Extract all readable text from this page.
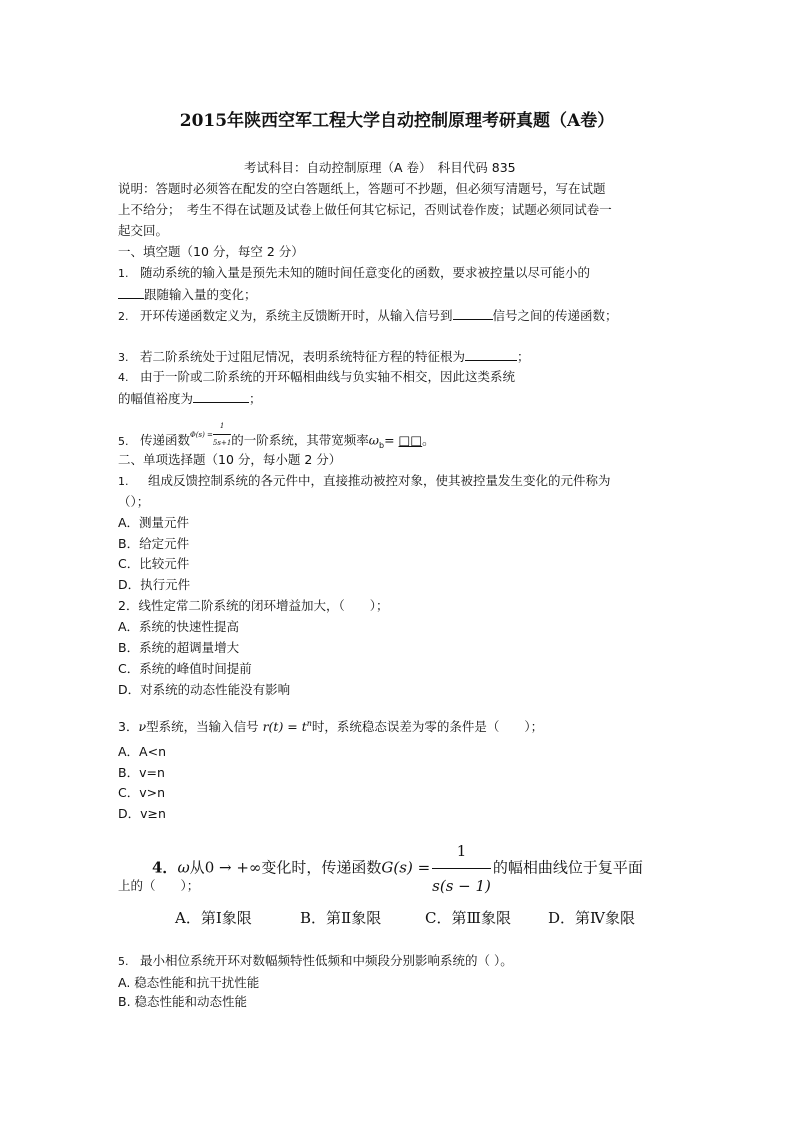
2015年陕西空军工程大学自动控制原理考研真题（A卷）
考试科目：自动控制原理（A 卷）　科目代码 835
说明：答题时必须答在配发的空白答题纸上，答题可不抄题，但必须写清题号，写在试题
上不给分；　考生不得在试题及试卷上做任何其它标记，否则试卷作废；试题必须同试卷一
起交回。
一、填空题（10 分，每空 2 分）
1. 随动系统的输入量是预先未知的随时间任意变化的函数，要求被控量以尽可能小的
跟随输入量的变化；
2. 开环传递函数定义为，系统主反馈断开时，从输入信号到	信号之间的传递函数；
3. 若二阶系统处于过阻尼情况，表明系统特征方程的特征根为	；
4. 由于一阶或二阶系统的开环幅相曲线与负实轴不相交，因此这类系统
的幅值裕度为	；
5. 传递函数$^{\Phi(s) = \frac{1}{5s+1}}$ 的一阶系统，其带宽频率$\omega_b=$ □□。
二、单项选择题（10 分，每小题 2 分）
1. 组成反馈控制系统的各元件中，直接推动被控对象，使其被控量发生变化的元件称为
（）；
A．测量元件
B．给定元件
C．比较元件
D．执行元件
2．线性定常二阶系统的闭环增益加大，（　　）；
A．系统的快速性提高
B．系统的超调量增大
C．系统的峰值时间提前
D．对系统的动态性能没有影响
3．ν型系统，当输入信号 $r(t) = t^n$时，系统稳态误差为零的条件是（　　）；
A．A<n
B．v=n
C．v>n
D．v≥n
4．ω从0 → +∞变化时，传递函数$G(s) = \frac{1}{s(s - 1)}$ 的幅相曲线位于复平面
上的（　　）；
A．第Ⅰ象限	B．第Ⅱ象限	C．第Ⅲ象限 D．第Ⅳ象限
5. 最小相位系统开环对数幅频特性低频和中频段分别影响系统的（ ）。
A. 稳态性能和抗干扰性能
B. 稳态性能和动态性能
